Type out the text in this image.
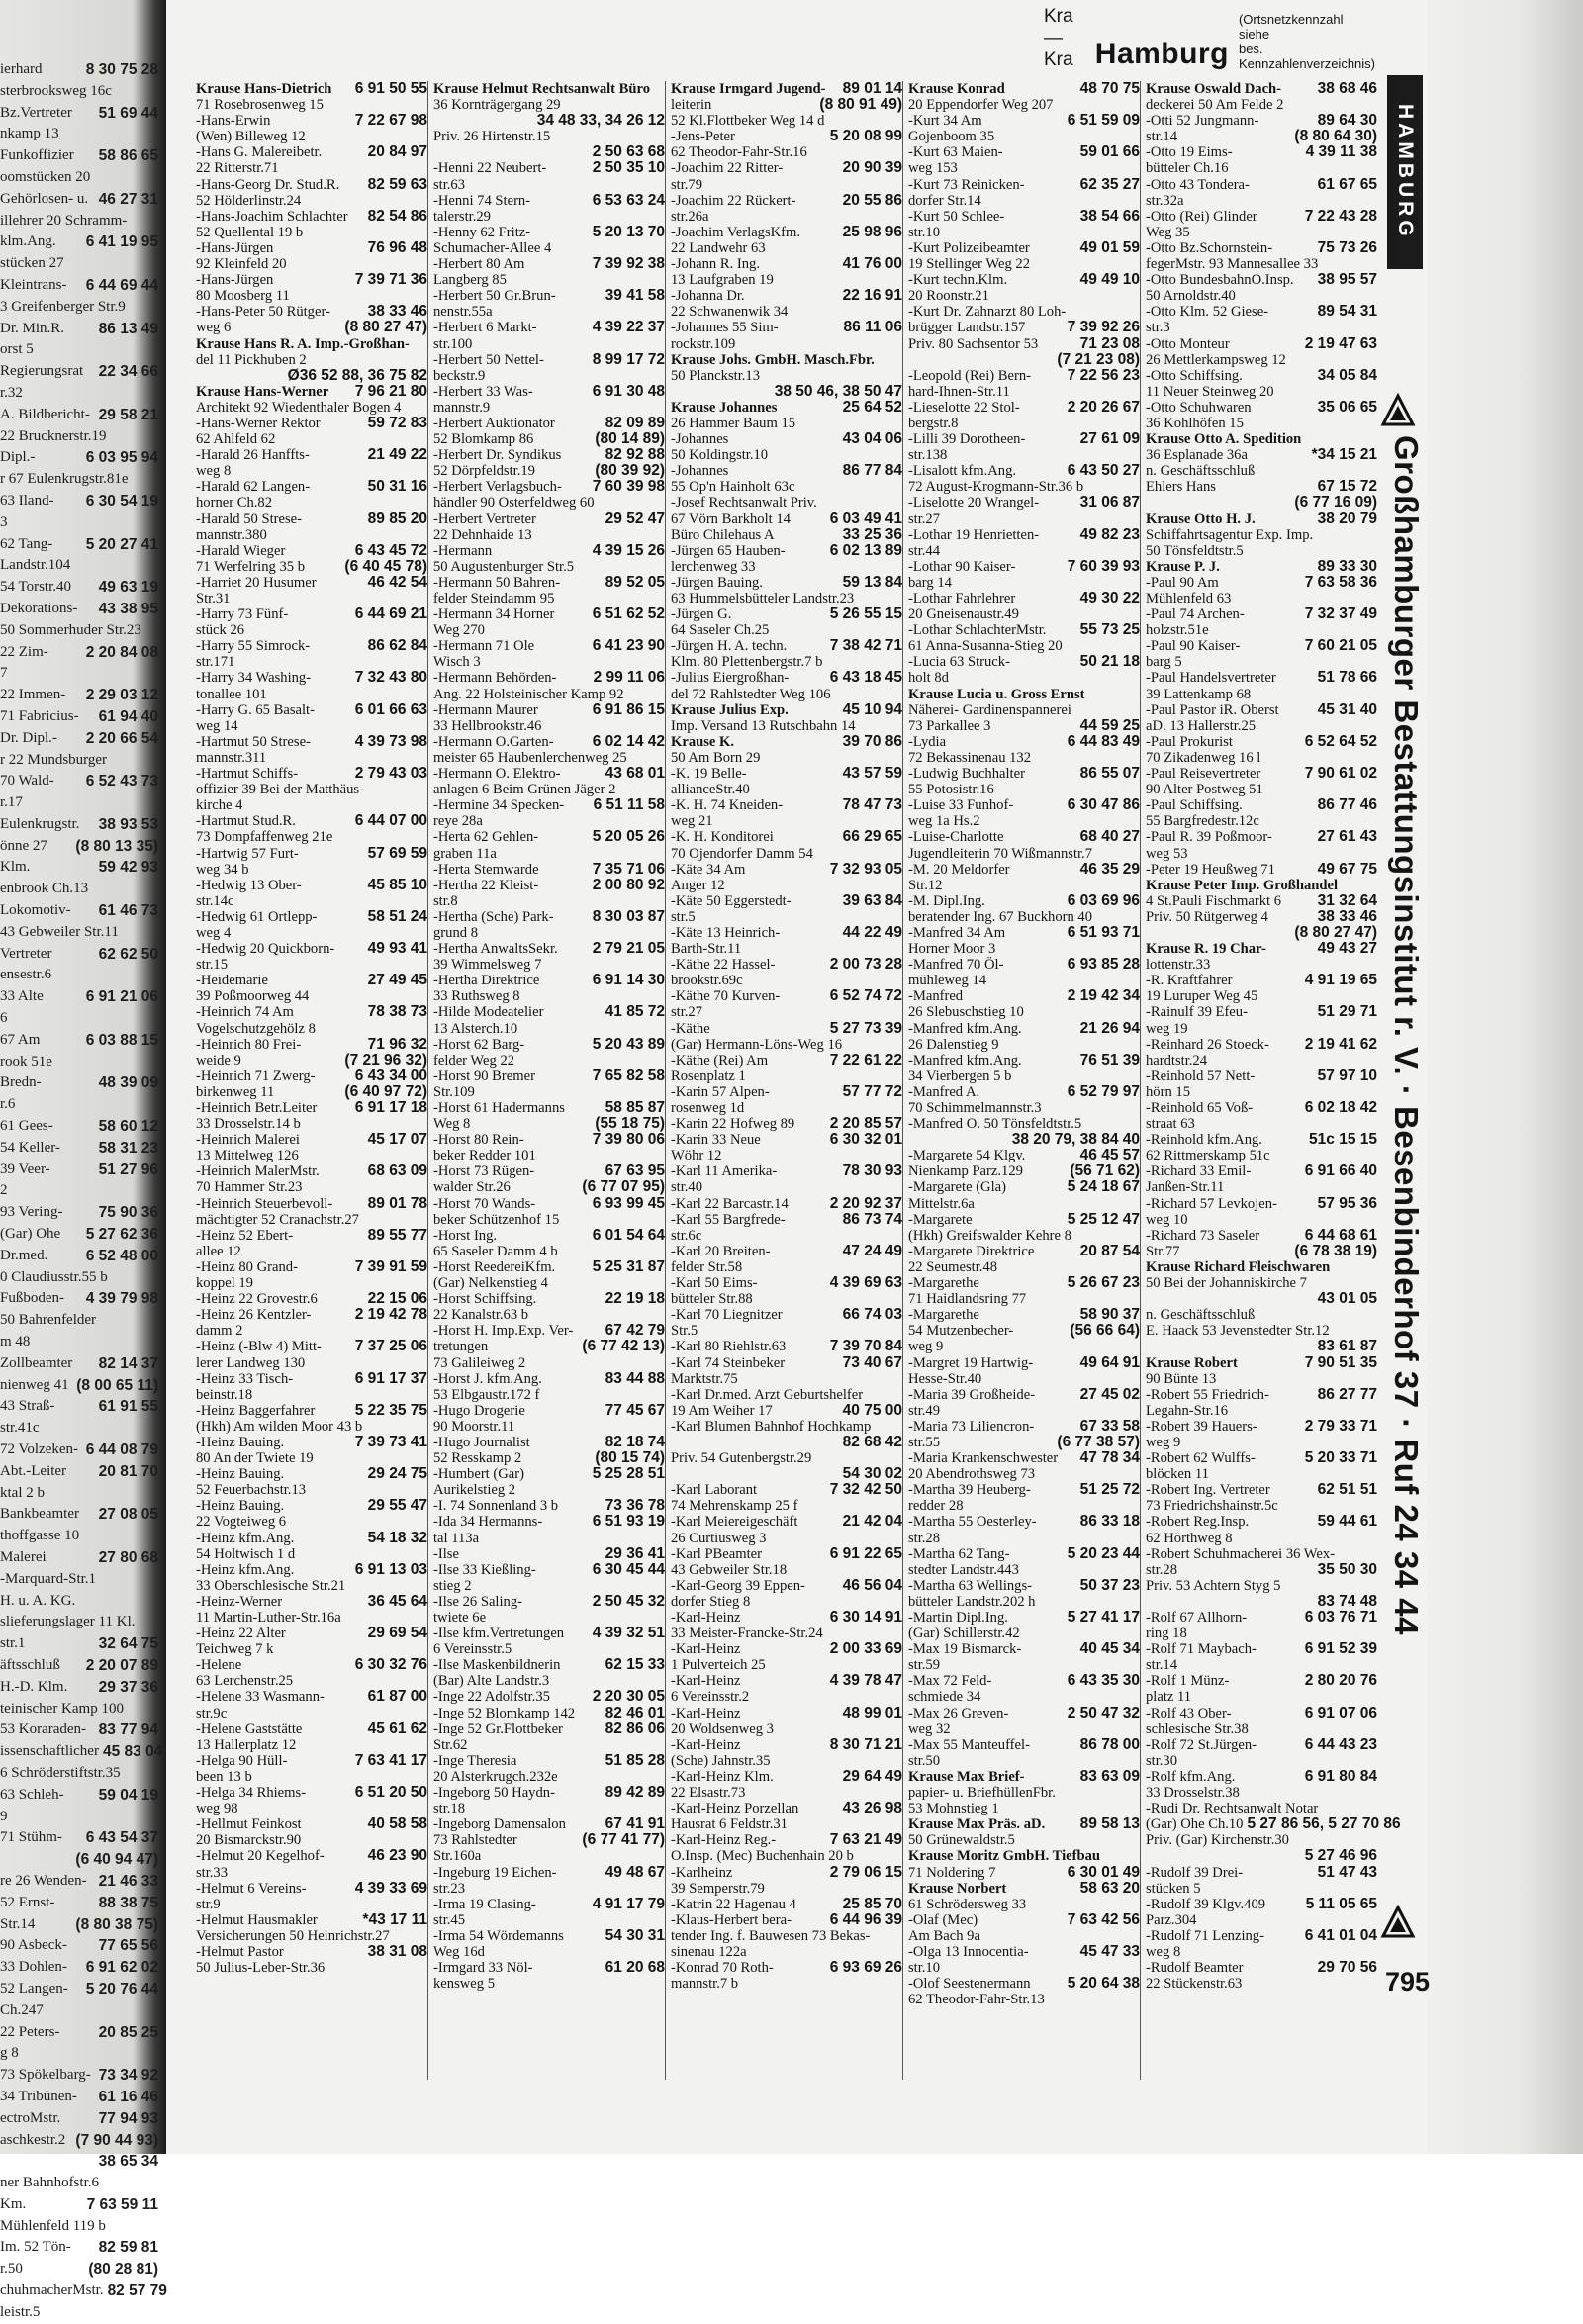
ierhard	8 30 75 28
sterbrooksweg 16c
Bz.Vertreter	51 69 44
nkamp 13
Funkoffizier	58 86 65
oomstücken 20
Gehörlosen- u. 46 27 31
illehrer 20 Schramm-
klm.Ang.	6 41 19 95
stücken 27
Kleintrans-	6 44 69 44
3 Greifenberger Str.9
Dr. Min.R.	86 13 49
orst 5
Regierungsrat	22 34 66
r.32
A. Bildbericht- 29 58 21
22 Brucknerstr.19
Dipl.-	6 03 95 94
r 67 Eulenkrugstr.81e
63 Iland-	6 30 54 19
3
62 Tang-	5 20 27 41
Landstr.104
54 Torstr.40	49 63 19
Dekorations-	43 38 95
50 Sommerhuder Str.23
22 Zim-	2 20 84 08
7
22 Immen-	2 29 03 12
71 Fabricius-	61 94 40
Dr. Dipl.-	2 20 66 54
r 22 Mundsburger
70 Wald-	6 52 43 73
r.17
Eulenkrugstr.	38 93 53
önne 27	(8 80 13 35)
Klm.	59 42 93
enbrook Ch.13
Lokomotiv-	61 46 73
43 Gebweiler Str.11
Vertreter	62 62 50
ensestr.6
33 Alte	6 91 21 06
6
67 Am	6 03 88 15
rook 51e
Bredn-	48 39 09
r.6
61 Gees-	58 60 12
54 Keller-	58 31 23
39 Veer-	51 27 96
2
93 Vering-	75 90 36
(Gar) Ohe	5 27 62 36
Dr.med.	6 52 48 00
0 Claudiusstr.55 b
Fußboden-	4 39 79 98
50 Bahrenfelder
m 48
Zollbeamter	82 14 37
nienweg 41 (8 00 65 11)
43 Straß-	61 91 55
str.41c
72 Volzeken- 6 44 08 79
Abt.-Leiter	20 81 70
ktal 2 b
Bankbeamter	27 08 05
thoffgasse 10
Malerei	27 80 68
-Marquard-Str.1
H. u. A. KG.
slieferungslager 11 Kl.
str.1	32 64 75
äftsschluß	2 20 07 89
H.-D. Klm.	29 37 36
teinischer Kamp 100
53 Koraraden- 83 77 94
issenschaftlicher 45 83 04
6 Schröderstiftstr.35
63 Schleh-	59 04 19
9
71 Stühm-	6 43 54 37
(6 40 94 47)
re 26 Wenden- 21 46 33
52 Ernst-	88 38 75
Str.14	(8 80 38 75)
90 Asbeck-	77 65 56
33 Dohlen-	6 91 62 02
52 Langen-	5 20 76 44
Ch.247
22 Peters-	20 85 25
g 8
73 Spökelbarg- 73 34 92
34 Tribünen-	61 16 46
ectroMstr.	77 94 93
aschkestr.2 (7 90 44 93)
38 65 34
ner Bahnhofstr.6
Km.	7 63 59 11
Mühlenfeld 119 b
Im. 52 Tön-	82 59 81
r.50	(80 28 81)
chuhmacherMstr. 82 57 79
leistr.5
Kra—Kra Hamburg
(Ortsnetzkennzahl siehe
bes. Kennzahlenverzeichnis)
Krause Hans-Dietrich	6 91 50 55
71 Rosebrosenweg 15
-Hans-Erwin	7 22 67 98
(Wen) Billeweg 12
-Hans G. Malereibetr.	20 84 97
22 Ritterstr.71
-Hans-Georg Dr. Stud.R.	82 59 63
52 Hölderlinstr.24
-Hans-Joachim Schlachter	82 54 86
52 Quellental 19 b
-Hans-Jürgen	76 96 48
92 Kleinfeld 20
-Hans-Jürgen	7 39 71 36
80 Moosberg 11
-Hans-Peter 50 Rütger-	38 33 46
weg 6	(8 80 27 47)
Krause Hans R. A. Imp.-Großhan-
del 11 Pickhuben 2
Ø36 52 88, 36 75 82
Krause Hans-Werner	7 96 21 80
Architekt 92 Wiedenthaler Bogen 4
-Hans-Werner Rektor	59 72 83
62 Ahlfeld 62
-Harald 26 Hanffts-	21 49 22
weg 8
-Harald 62 Langen-	50 31 16
horner Ch.82
-Harald 50 Strese-	89 85 20
mannstr.380
-Harald Wieger	6 43 45 72
71 Werfelring 35 b	(6 40 45 78)
-Harriet 20 Husumer	46 42 54
Str.31
-Harry 73 Fünf-	6 44 69 21
stück 26
-Harry 55 Simrock-	86 62 84
str.171
-Harry 34 Washing-	7 32 43 80
tonallee 101
-Harry G. 65 Basalt-	6 01 66 63
weg 14
-Hartmut 50 Strese-	4 39 73 98
mannstr.311
-Hartmut Schiffs-	2 79 43 03
offizier 39 Bei der Matthäus-
kirche 4
-Hartmut Stud.R.	6 44 07 00
73 Dompfaffenweg 21e
-Hartwig 57 Furt-	57 69 59
weg 34 b
-Hedwig 13 Ober-	45 85 10
str.14c
-Hedwig 61 Ortlepp-	58 51 24
weg 4
-Hedwig 20 Quickborn-	49 93 41
str.15
-Heidemarie	27 49 45
39 Poßmoorweg 44
-Heinrich 74 Am	78 38 73
Vogelschutzgehölz 8
-Heinrich 80 Frei-	71 96 32
weide 9	(7 21 96 32)
-Heinrich 71 Zwerg-	6 43 34 00
birkenweg 11	(6 40 97 72)
-Heinrich Betr.Leiter	6 91 17 18
33 Drosselstr.14 b
-Heinrich Malerei	45 17 07
13 Mittelweg 126
-Heinrich MalerMstr.	68 63 09
70 Hammer Str.23
-Heinrich Steuerbevoll-	89 01 78
mächtigter 52 Cranachstr.27
-Heinz 52 Ebert-	89 55 77
allee 12
-Heinz 80 Grand-	7 39 91 59
koppel 19
-Heinz 22 Grovestr.6	22 15 06
-Heinz 26 Kentzler-	2 19 42 78
damm 2
-Heinz (-Blw 4) Mitt-	7 37 25 06
lerer Landweg 130
-Heinz 33 Tisch-	6 91 17 37
beinstr.18
-Heinz Baggerfahrer	5 22 35 75
(Hkh) Am wilden Moor 43 b
-Heinz Bauing.	7 39 73 41
80 An der Twiete 19
-Heinz Bauing.	29 24 75
52 Feuerbachstr.13
-Heinz Bauing.	29 55 47
22 Vogteiweg 6
-Heinz kfm.Ang.	54 18 32
54 Holtwisch 1 d
-Heinz kfm.Ang.	6 91 13 03
33 Oberschlesische Str.21
-Heinz-Werner	36 45 64
11 Martin-Luther-Str.16a
-Heinz 22 Alter	29 69 54
Teichweg 7 k
-Helene	6 30 32 76
63 Lerchenstr.25
-Helene 33 Wasmann-	61 87 00
str.9c
-Helene Gaststätte	45 61 62
13 Hallerplatz 12
-Helga 90 Hüll-	7 63 41 17
been 13 b
-Helga 34 Rhiems-	6 51 20 50
weg 98
-Hellmut Feinkost	40 58 58
20 Bismarckstr.90
-Helmut 20 Kegelhof-	46 23 90
str.33
-Helmut 6 Vereins-	4 39 33 69
str.9
-Helmut Hausmakler	*43 17 11
Versicherungen 50 Heinrichstr.27
-Helmut Pastor	38 31 08
50 Julius-Leber-Str.36
Krause Helmut Rechtsanwalt Büro
36 Kornträgergang 29
34 48 33, 34 26 12
Priv. 26 Hirtenstr.15
2 50 63 68
-Henni 22 Neubert-	2 50 35 10
str.63
-Henni 74 Stern-	6 53 63 24
talerstr.29
-Henny 62 Fritz-	5 20 13 70
Schumacher-Allee 4
-Herbert 80 Am	7 39 92 38
Langberg 85
-Herbert 50 Gr.Brun-	39 41 58
nenstr.55a
-Herbert 6 Markt-	4 39 22 37
str.100
-Herbert 50 Nettel-	8 99 17 72
beckstr.9
-Herbert 33 Was-	6 91 30 48
mannstr.9
-Herbert Auktionator	82 09 89
52 Blomkamp 86	(80 14 89)
-Herbert Dr. Syndikus	82 92 88
52 Dörpfeldstr.19	(80 39 92)
-Herbert Verlagsbuch-	7 60 39 98
händler 90 Osterfeldweg 60
-Herbert Vertreter	29 52 47
22 Dehnhaide 13
-Hermann	4 39 15 26
50 Augustenburger Str.5
-Hermann 50 Bahren-	89 52 05
felder Steindamm 95
-Hermann 34 Horner	6 51 62 52
Weg 270
-Hermann 71 Ole	6 41 23 90
Wisch 3
-Hermann Behörden-	2 99 11 06
Ang. 22 Holsteinischer Kamp 92
-Hermann Maurer	6 91 86 15
33 Hellbrookstr.46
-Hermann O.Garten-	6 02 14 42
meister 65 Haubenlerchenweg 25
-Hermann O. Elektro-	43 68 01
anlagen 6 Beim Grünen Jäger 2
-Hermine 34 Specken-	6 51 11 58
reye 28a
-Herta 62 Gehlen-	5 20 05 26
graben 11a
-Herta Stemwarde	7 35 71 06
-Hertha 22 Kleist-	2 00 80 92
str.8
-Hertha (Sche) Park-	8 30 03 87
grund 8
-Hertha AnwaltsSekr.	2 79 21 05
39 Wimmelsweg 7
-Hertha Direktrice	6 91 14 30
33 Ruthsweg 8
-Hilde Modeatelier	41 85 72
13 Alsterch.10
-Horst 62 Barg-	5 20 43 89
felder Weg 22
-Horst 90 Bremer	7 65 82 58
Str.109
-Horst 61 Hadermanns	58 85 87
Weg 8	(55 18 75)
-Horst 80 Rein-	7 39 80 06
beker Redder 101
-Horst 73 Rügen-	67 63 95
walder Str.26	(6 77 07 95)
-Horst 70 Wands-	6 93 99 45
beker Schützenhof 15
-Horst Ing.	6 01 54 64
65 Saseler Damm 4 b
-Horst ReedereiKfm.	5 25 31 87
(Gar) Nelkenstieg 4
-Horst Schiffsing.	22 19 18
22 Kanalstr.63 b
-Horst H. Imp.Exp. Ver-	67 42 79
tretungen	(6 77 42 13)
73 Galileiweg 2
-Horst J. kfm.Ang.	83 44 88
53 Elbgaustr.172 f
-Hugo Drogerie	77 45 67
90 Moorstr.11
-Hugo Journalist	82 18 74
52 Resskamp 2	(80 15 74)
-Humbert (Gar)	5 25 28 51
Aurikelstieg 2
-I. 74 Sonnenland 3 b	73 36 78
-Ida 34 Hermanns-	6 51 93 19
tal 113a
-Ilse	29 36 41
-Ilse 33 Kießling-	6 30 45 44
stieg 2
-Ilse 26 Saling-	2 50 45 32
twiete 6e
-Ilse kfm.Vertretungen	4 39 32 51
6 Vereinsstr.5
-Ilse Maskenbildnerin	62 15 33
(Bar) Alte Landstr.3
-Inge 22 Adolfstr.35	2 20 30 05
-Inge 52 Blomkamp 142	82 46 01
-Inge 52 Gr.Flottbeker	82 86 06
Str.62
-Inge Theresia	51 85 28
20 Alsterkrugch.232e
-Ingeborg 50 Haydn-	89 42 89
str.18
-Ingeborg Damensalon	67 41 91
73 Rahlstedter	(6 77 41 77)
Str.160a
-Ingeburg 19 Eichen-	49 48 67
str.23
-Irma 19 Clasing-	4 91 17 79
str.45
-Irma 54 Wördemanns	54 30 31
Weg 16d
-Irmgard 33 Nöl-	61 20 68
kensweg 5
Krause Irmgard Jugend-	89 01 14
leiterin	(8 80 91 49)
52 Kl.Flottbeker Weg 14 d
-Jens-Peter	5 20 08 99
62 Theodor-Fahr-Str.16
-Joachim 22 Ritter-	20 90 39
str.79
-Joachim 22 Rückert-	20 55 86
str.26a
-Joachim VerlagsKfm.	25 98 96
22 Landwehr 63
-Johann R. Ing.	41 76 00
13 Laufgraben 19
-Johanna Dr.	22 16 91
22 Schwanenwik 34
-Johannes 55 Sim-	86 11 06
rockstr.109
Krause Johs. GmbH. Masch.Fbr.
50 Planckstr.13
38 50 46, 38 50 47
Krause Johannes	25 64 52
26 Hammer Baum 15
-Johannes	43 04 06
50 Koldingstr.10
-Johannes	86 77 84
55 Op'n Hainholt 63c
-Josef Rechtsanwalt Priv.
67 Vörn Barkholt 14	6 03 49 41
Büro Chilehaus A	33 25 36
-Jürgen 65 Hauben-	6 02 13 89
lerchenweg 33
-Jürgen Bauing.	59 13 84
63 Hummelsbütteler Landstr.23
-Jürgen G.	5 26 55 15
64 Saseler Ch.25
-Jürgen H. A. techn.	7 38 42 71
Klm. 80 Plettenbergstr.7 b
-Julius Eiergroßhan-	6 43 18 45
del 72 Rahlstedter Weg 106
Krause Julius Exp.	45 10 94
Imp. Versand 13 Rutschbahn 14
Krause K.	39 70 86
50 Am Born 29
-K. 19 Belle-	43 57 59
allianceStr.40
-K. H. 74 Kneiden-	78 47 73
weg 21
-K. H. Konditorei	66 29 65
70 Ojendorfer Damm 54
-Käte 34 Am	7 32 93 05
Anger 12
-Käte 50 Eggerstedt-	39 63 84
str.5
-Käte 13 Heinrich-	44 22 49
Barth-Str.11
-Käthe 22 Hassel-	2 00 73 28
brookstr.69c
-Käthe 70 Kurven-	6 52 74 72
str.27
-Käthe	5 27 73 39
(Gar) Hermann-Löns-Weg 16
-Käthe (Rei) Am	7 22 61 22
Rosenplatz 1
-Karin 57 Alpen-	57 77 72
rosenweg 1d
-Karin 22 Hofweg 89	2 20 85 57
-Karin 33 Neue	6 30 32 01
Wöhr 12
-Karl 11 Amerika-	78 30 93
str.40
-Karl 22 Barcastr.14	2 20 92 37
-Karl 55 Bargfrede-	86 73 74
str.6c
-Karl 20 Breiten-	47 24 49
felder Str.58
-Karl 50 Eims-	4 39 69 63
bütteler Str.88
-Karl 70 Liegnitzer	66 74 03
Str.5
-Karl 80 Riehlstr.63	7 39 70 84
-Karl 74 Steinbeker	73 40 67
Marktstr.75
-Karl Dr.med. Arzt Geburtshelfer
19 Am Weiher 17	40 75 00
-Karl Blumen Bahnhof Hochkamp
82 68 42
Priv. 54 Gutenbergstr.29
54 30 02
-Karl Laborant	7 32 42 50
74 Mehrenskamp 25 f
-Karl Meiereigeschäft	21 42 04
26 Curtiusweg 3
-Karl PBeamter	6 91 22 65
43 Gebweiler Str.18
-Karl-Georg 39 Eppen-	46 56 04
dorfer Stieg 8
-Karl-Heinz	6 30 14 91
33 Meister-Francke-Str.24
-Karl-Heinz	2 00 33 69
1 Pulverteich 25
-Karl-Heinz	4 39 78 47
6 Vereinsstr.2
-Karl-Heinz	48 99 01
20 Woldsenweg 3
-Karl-Heinz	8 30 71 21
(Sche) Jahnstr.35
-Karl-Heinz Klm.	29 64 49
22 Elsastr.73
-Karl-Heinz Porzellan	43 26 98
Hausrat 6 Feldstr.31
-Karl-Heinz Reg.-	7 63 21 49
O.Insp. (Mec) Buchenhain 20 b
-Karlheinz	2 79 06 15
39 Semperstr.79
-Katrin 22 Hagenau 4	25 85 70
-Klaus-Herbert bera-	6 44 96 39
tender Ing. f. Bauwesen 73 Bekas-
sinenau 122a
-Konrad 70 Roth-	6 93 69 26
mannstr.7 b
Krause Konrad	48 70 75
20 Eppendorfer Weg 207
-Kurt 34 Am	6 51 59 09
Gojenboom 35
-Kurt 63 Maien-	59 01 66
weg 153
-Kurt 73 Reinicken-	62 35 27
dorfer Str.14
-Kurt 50 Schlee-	38 54 66
str.10
-Kurt Polizeibeamter	49 01 59
19 Stellinger Weg 22
-Kurt techn.Klm.	49 49 10
20 Roonstr.21
-Kurt Dr. Zahnarzt 80 Loh-
brügger Landstr.157	7 39 92 26
Priv. 80 Sachsentor 53	71 23 08
(7 21 23 08)
-Leopold (Rei) Bern-	7 22 56 23
hard-Ihnen-Str.11
-Lieselotte 22 Stol-	2 20 26 67
bergstr.8
-Lilli 39 Dorotheen-	27 61 09
str.138
-Lisalott kfm.Ang.	6 43 50 27
72 August-Krogmann-Str.36 b
-Liselotte 20 Wrangel-	31 06 87
str.27
-Lothar 19 Henrietten-	49 82 23
str.44
-Lothar 90 Kaiser-	7 60 39 93
barg 14
-Lothar Fahrlehrer	49 30 22
20 Gneisenaustr.49
-Lothar SchlachterMstr.	55 73 25
61 Anna-Susanna-Stieg 20
-Lucia 63 Struck-	50 21 18
holt 8d
Krause Lucia u. Gross Ernst
Näherei- Gardinenspannerei
73 Parkallee 3	44 59 25
-Lydia	6 44 83 49
72 Bekassinenau 132
-Ludwig Buchhalter	86 55 07
55 Potosistr.16
-Luise 33 Funhof-	6 30 47 86
weg 1a Hs.2
-Luise-Charlotte	68 40 27
Jugendleiterin 70 Wißmannstr.7
-M. 20 Meldorfer	46 35 29
Str.12
-M. Dipl.Ing.	6 03 69 96
beratender Ing. 67 Buckhorn 40
-Manfred 34 Am	6 51 93 71
Horner Moor 3
-Manfred 70 Öl-	6 93 85 28
mühleweg 14
-Manfred	2 19 42 34
26 Slebuschstieg 10
-Manfred kfm.Ang.	21 26 94
26 Dalenstieg 9
-Manfred kfm.Ang.	76 51 39
34 Vierbergen 5 b
-Manfred A.	6 52 79 97
70 Schimmelmannstr.3
-Manfred O. 50 Tönsfeldtstr.5
38 20 79, 38 84 40
-Margarete 54 Klgv.	46 45 57
Nienkamp Parz.129	(56 71 62)
-Margarete (Gla)	5 24 18 67
Mittelstr.6a
-Margarete	5 25 12 47
(Hkh) Greifswalder Kehre 8
-Margarete Direktrice	20 87 54
22 Seumestr.48
-Margarethe	5 26 67 23
71 Haidlandsring 77
-Margarethe	58 90 37
54 Mutzenbecher-	(56 66 64)
weg 9
-Margret 19 Hartwig-	49 64 91
Hesse-Str.40
-Maria 39 Großheide-	27 45 02
str.49
-Maria 73 Liliencron-	67 33 58
str.55	(6 77 38 57)
-Maria Krankenschwester	47 78 34
20 Abendrothsweg 73
-Martha 39 Heuberg-	51 25 72
redder 28
-Martha 55 Oesterley-	86 33 18
str.28
-Martha 62 Tang-	5 20 23 44
stedter Landstr.443
-Martha 63 Wellings-	50 37 23
bütteler Landstr.202 h
-Martin Dipl.Ing.	5 27 41 17
(Gar) Schillerstr.42
-Max 19 Bismarck-	40 45 34
str.59
-Max 72 Feld-	6 43 35 30
schmiede 34
-Max 26 Greven-	2 50 47 32
weg 32
-Max 55 Manteuffel-	86 78 00
str.50
Krause Max Brief-	83 63 09
papier- u. BriefhüllenFbr.
53 Mohnstieg 1
Krause Max Präs. aD.	89 58 13
50 Grünewaldstr.5
Krause Moritz GmbH. Tiefbau
71 Noldering 7	6 30 01 49
Krause Norbert	58 63 20
61 Schrödersweg 33
-Olaf (Mec)	7 63 42 56
Am Bach 9a
-Olga 13 Innocentia-	45 47 33
str.10
-Olof Seestenermann	5 20 64 38
62 Theodor-Fahr-Str.13
Krause Oswald Dach-	38 68 46
deckerei 50 Am Felde 2
-Otti 52 Jungmann-	89 64 30
str.14	(8 80 64 30)
-Otto 19 Eims-	4 39 11 38
bütteler Ch.16
-Otto 43 Tondera-	61 67 65
str.32a
-Otto (Rei) Glinder	7 22 43 28
Weg 35
-Otto Bz.Schornstein-	75 73 26
fegerMstr. 93 Mannesallee 33
-Otto BundesbahnO.Insp.	38 95 57
50 Arnoldstr.40
-Otto Klm. 52 Giese-	89 54 31
str.3
-Otto Monteur	2 19 47 63
26 Mettlerkampsweg 12
-Otto Schiffsing.	34 05 84
11 Neuer Steinweg 20
-Otto Schuhwaren	35 06 65
36 Kohlhöfen 15
Krause Otto A. Spedition
36 Esplanade 36a	*34 15 21
n. Geschäftsschluß
Ehlers Hans	67 15 72
(6 77 16 09)
Krause Otto H. J.	38 20 79
Schiffahrtsagentur Exp. Imp.
50 Tönsfeldtstr.5
Krause P. J.	89 33 30
-Paul 90 Am	7 63 58 36
Mühlenfeld 63
-Paul 74 Archen-	7 32 37 49
holzstr.51e
-Paul 90 Kaiser-	7 60 21 05
barg 5
-Paul Handelsvertreter	51 78 66
39 Lattenkamp 68
-Paul Pastor iR. Oberst	45 31 40
aD. 13 Hallerstr.25
-Paul Prokurist	6 52 64 52
70 Zikadenweg 16 l
-Paul Reisevertreter	7 90 61 02
90 Alter Postweg 51
-Paul Schiffsing.	86 77 46
55 Bargfredestr.12c
-Paul R. 39 Poßmoor-	27 61 43
weg 53
-Peter 19 Heußweg 71	49 67 75
Krause Peter Imp. Großhandel
4 St.Pauli Fischmarkt 6	31 32 64
Priv. 50 Rütgerweg 4	38 33 46
(8 80 27 47)
Krause R. 19 Char-	49 43 27
lottenstr.33
-R. Kraftfahrer	4 91 19 65
19 Luruper Weg 45
-Rainulf 39 Efeu-	51 29 71
weg 19
-Reinhard 26 Stoeck-	2 19 41 62
hardtstr.24
-Reinhold 57 Nett-	57 97 10
hörn 15
-Reinhold 65 Voß-	6 02 18 42
straat 63
-Reinhold kfm.Ang.	51c 15 15
62 Rittmerskamp 51c
-Richard 33 Emil-	6 91 66 40
Janßen-Str.11
-Richard 57 Levkojen-	57 95 36
weg 10
-Richard 73 Saseler	6 44 68 61
Str.77	(6 78 38 19)
Krause Richard Fleischwaren
50 Bei der Johanniskirche 7
43 01 05
n. Geschäftsschluß
E. Haack 53 Jevenstedter Str.12
83 61 87
Krause Robert	7 90 51 35
90 Bünte 13
-Robert 55 Friedrich-	86 27 77
Legahn-Str.16
-Robert 39 Hauers-	2 79 33 71
weg 9
-Robert 62 Wulffs-	5 20 33 71
blöcken 11
-Robert Ing. Vertreter	62 51 51
73 Friedrichshainstr.5c
-Robert Reg.Insp.	59 44 61
62 Hörthweg 8
-Robert Schuhmacherei 36 Wex-
str.28	35 50 30
Priv. 53 Achtern Styg 5
83 74 48
-Rolf 67 Allhorn-	6 03 76 71
ring 18
-Rolf 71 Maybach-	6 91 52 39
str.14
-Rolf 1 Münz-	2 80 20 76
platz 11
-Rolf 43 Ober-	6 91 07 06
schlesische Str.38
-Rolf 72 St.Jürgen-	6 44 43 23
str.30
-Rolf kfm.Ang.	6 91 80 84
33 Drosselstr.38
-Rudi Dr. Rechtsanwalt Notar
(Gar) Ohe Ch.10 5 27 86 56, 5 27 70 86
Priv. (Gar) Kirchenstr.30
5 27 46 96
-Rudolf 39 Drei-	51 47 43
stücken 5
-Rudolf 39 Klgv.409	5 11 05 65
Parz.304
-Rudolf 71 Lenzing-	6 41 01 04
weg 8
-Rudolf Beamter	29 70 56
22 Stückenstr.63
HAMBURG
Großhamburger Bestattungsinstitut r. V. · Besenbinderhof 37 · Ruf 24 34 44
795
